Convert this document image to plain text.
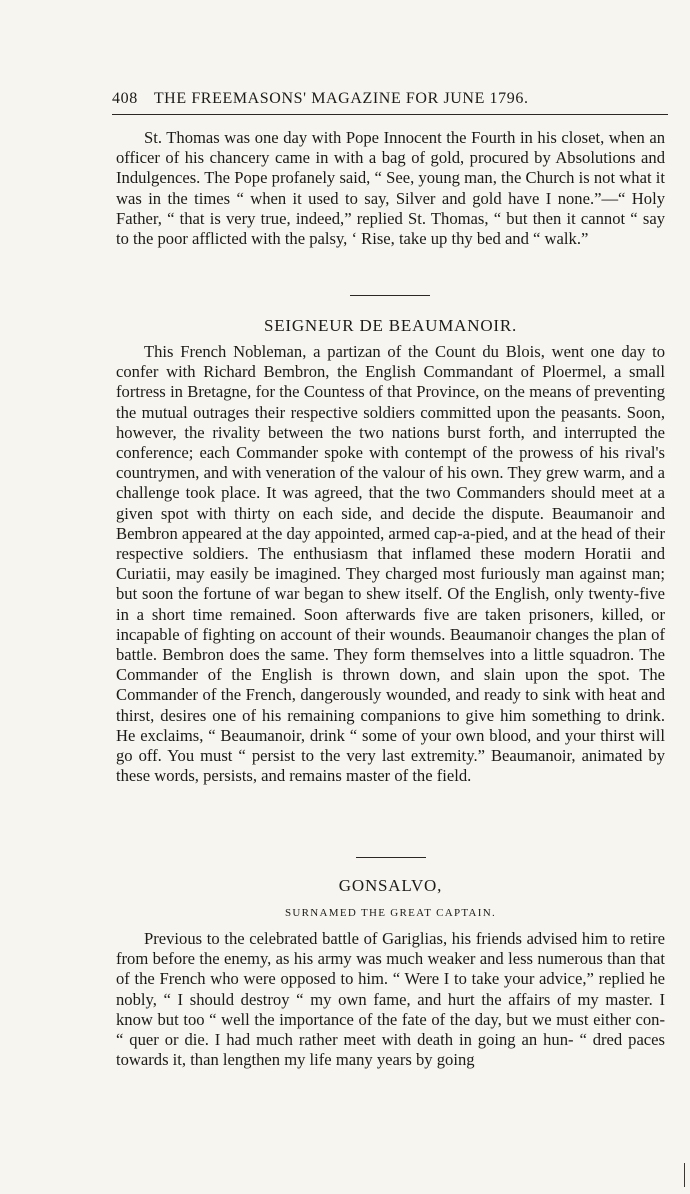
408 THE FREEMASONS' MAGAZINE FOR JUNE 1796.

St. Thomas was one day with Pope Innocent the Fourth in his closet, when an officer of his chancery came in with a bag of gold, procured by Absolutions and Indulgences. The Pope profanely said, “ See, young man, the Church is not what it was in the times “ when it used to say, Silver and gold have I none.”—“ Holy Father, “ that is very true, indeed,” replied St. Thomas, “ but then it cannot “ say to the poor afflicted with the palsy, ‘ Rise, take up thy bed and “ walk.”

SEIGNEUR DE BEAUMANOIR.

This French Nobleman, a partizan of the Count du Blois, went one day to confer with Richard Bembron, the English Commandant of Ploermel, a small fortress in Bretagne, for the Countess of that Province, on the means of preventing the mutual outrages their respective soldiers committed upon the peasants. Soon, however, the rivality between the two nations burst forth, and interrupted the conference; each Commander spoke with contempt of the prowess of his rival's countrymen, and with veneration of the valour of his own. They grew warm, and a challenge took place. It was agreed, that the two Commanders should meet at a given spot with thirty on each side, and decide the dispute. Beaumanoir and Bembron appeared at the day appointed, armed cap-a-pied, and at the head of their respective soldiers. The enthusiasm that inflamed these modern Horatii and Curiatii, may easily be imagined. They charged most furiously man against man; but soon the fortune of war began to shew itself. Of the English, only twenty-five in a short time remained. Soon afterwards five are taken prisoners, killed, or incapable of fighting on account of their wounds. Beaumanoir changes the plan of battle. Bembron does the same. They form themselves into a little squadron. The Commander of the English is thrown down, and slain upon the spot. The Commander of the French, dangerously wounded, and ready to sink with heat and thirst, desires one of his remaining companions to give him something to drink. He exclaims, “ Beaumanoir, drink “ some of your own blood, and your thirst will go off. You must “ persist to the very last extremity.” Beaumanoir, animated by these words, persists, and remains master of the field.

GONSALVO,
SURNAMED THE GREAT CAPTAIN.

Previous to the celebrated battle of Gariglias, his friends advised him to retire from before the enemy, as his army was much weaker and less numerous than that of the French who were opposed to him. “ Were I to take your advice,” replied he nobly, “ I should destroy “ my own fame, and hurt the affairs of my master. I know but too “ well the importance of the fate of the day, but we must either con- “ quer or die. I had much rather meet with death in going an hun- “ dred paces towards it, than lengthen my life many years by going
